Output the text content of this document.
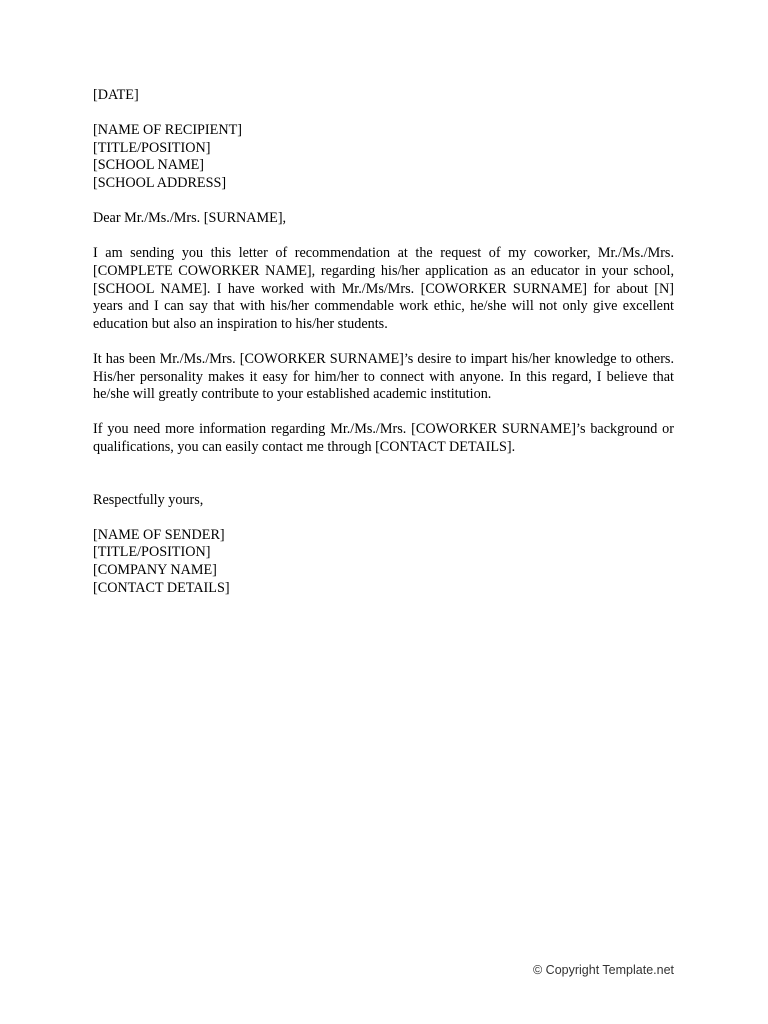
[DATE]
[NAME OF RECIPIENT]
[TITLE/POSITION]
[SCHOOL NAME]
[SCHOOL ADDRESS]
Dear Mr./Ms./Mrs. [SURNAME],

I am sending you this letter of recommendation at the request of my coworker, Mr./Ms./Mrs. [COMPLETE COWORKER NAME], regarding his/her application as an educator in your school, [SCHOOL NAME]. I have worked with Mr./Ms/Mrs. [COWORKER SURNAME] for about [N] years and I can say that with his/her commendable work ethic, he/she will not only give excellent education but also an inspiration to his/her students.

It has been Mr./Ms./Mrs. [COWORKER SURNAME]’s desire to impart his/her knowledge to others. His/her personality makes it easy for him/her to connect with anyone. In this regard, I believe that he/she will greatly contribute to your established academic institution.

If you need more information regarding Mr./Ms./Mrs. [COWORKER SURNAME]’s background or qualifications, you can easily contact me through [CONTACT DETAILS].

Respectfully yours,
[NAME OF SENDER]
[TITLE/POSITION]
[COMPANY NAME]
[CONTACT DETAILS]
© Copyright Template.net
